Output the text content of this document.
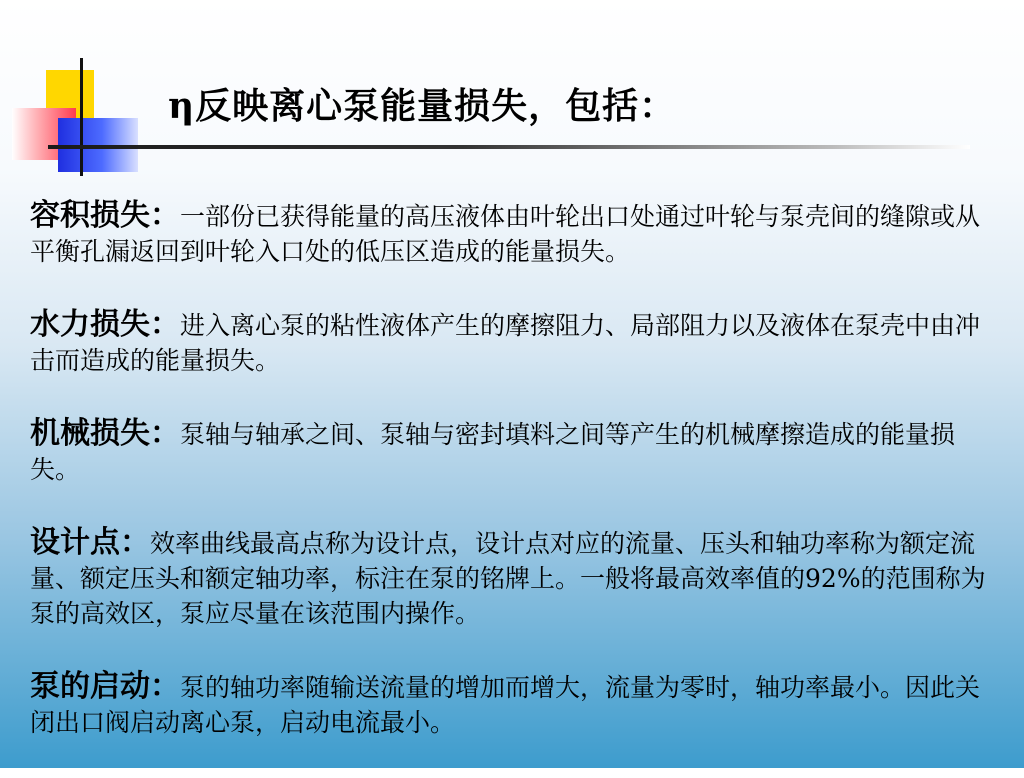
η反映离心泵能量损失，包括：
容积损失：一部份已获得能量的高压液体由叶轮出口处通过叶轮与泵壳间的缝隙或从平衡孔漏返回到叶轮入口处的低压区造成的能量损失。
水力损失：进入离心泵的粘性液体产生的摩擦阻力、局部阻力以及液体在泵壳中由冲击而造成的能量损失。
机械损失：泵轴与轴承之间、泵轴与密封填料之间等产生的机械摩擦造成的能量损失。
设计点：效率曲线最高点称为设计点，设计点对应的流量、压头和轴功率称为额定流量、额定压头和额定轴功率，标注在泵的铭牌上。一般将最高效率值的92%的范围称为泵的高效区，泵应尽量在该范围内操作。
泵的启动：泵的轴功率随输送流量的增加而增大，流量为零时，轴功率最小。因此关闭出口阀启动离心泵，启动电流最小。
